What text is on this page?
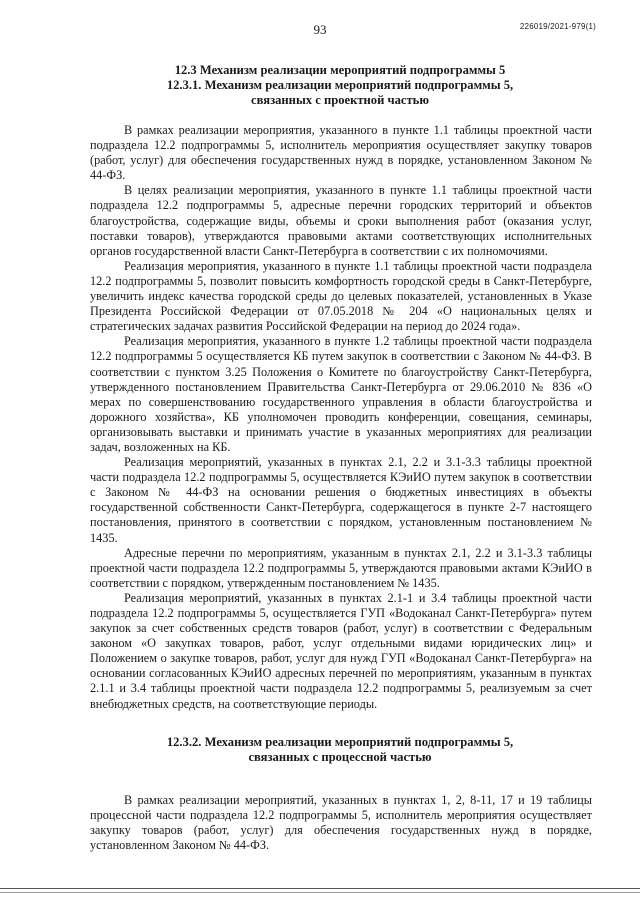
93	226019/2021-979(1)
12.3 Механизм реализации мероприятий подпрограммы 5
12.3.1. Механизм реализации мероприятий подпрограммы 5,
связанных с проектной частью

В рамках реализации мероприятия, указанного в пункте 1.1 таблицы проектной части подраздела 12.2 подпрограммы 5, исполнитель мероприятия осуществляет закупку товаров (работ, услуг) для обеспечения государственных нужд в порядке, установленном Законом № 44-ФЗ.

В целях реализации мероприятия, указанного в пункте 1.1 таблицы проектной части подраздела 12.2 подпрограммы 5, адресные перечни городских территорий и объектов благоустройства, содержащие виды, объемы и сроки выполнения работ (оказания услуг, поставки товаров), утверждаются правовыми актами соответствующих исполнительных органов государственной власти Санкт-Петербурга в соответствии с их полномочиями.

Реализация мероприятия, указанного в пункте 1.1 таблицы проектной части подраздела 12.2 подпрограммы 5, позволит повысить комфортность городской среды в Санкт-Петербурге, увеличить индекс качества городской среды до целевых показателей, установленных в Указе Президента Российской Федерации от 07.05.2018 № 204 «О национальных целях и стратегических задачах развития Российской Федерации на период до 2024 года».

Реализация мероприятия, указанного в пункте 1.2 таблицы проектной части подраздела 12.2 подпрограммы 5 осуществляется КБ путем закупок в соответствии с Законом № 44-ФЗ. В соответствии с пунктом 3.25 Положения о Комитете по благоустройству Санкт-Петербурга, утвержденного постановлением Правительства Санкт-Петербурга от 29.06.2010 № 836 «О мерах по совершенствованию государственного управления в области благоустройства и дорожного хозяйства», КБ уполномочен проводить конференции, совещания, семинары, организовывать выставки и принимать участие в указанных мероприятиях для реализации задач, возложенных на КБ.

Реализация мероприятий, указанных в пунктах 2.1, 2.2 и 3.1-3.3 таблицы проектной части подраздела 12.2 подпрограммы 5, осуществляется КЭиИО путем закупок в соответствии с Законом № 44-ФЗ на основании решения о бюджетных инвестициях в объекты государственной собственности Санкт-Петербурга, содержащегося в пункте 2-7 настоящего постановления, принятого в соответствии с порядком, установленным постановлением № 1435.

Адресные перечни по мероприятиям, указанным в пунктах 2.1, 2.2 и 3.1-3.3 таблицы проектной части подраздела 12.2 подпрограммы 5, утверждаются правовыми актами КЭиИО в соответствии с порядком, утвержденным постановлением № 1435.

Реализация мероприятий, указанных в пунктах 2.1-1 и 3.4 таблицы проектной части подраздела 12.2 подпрограммы 5, осуществляется ГУП «Водоканал Санкт-Петербурга» путем закупок за счет собственных средств товаров (работ, услуг) в соответствии с Федеральным законом «О закупках товаров, работ, услуг отдельными видами юридических лиц» и Положением о закупке товаров, работ, услуг для нужд ГУП «Водоканал Санкт-Петербурга» на основании согласованных КЭиИО адресных перечней по мероприятиям, указанным в пунктах 2.1.1 и 3.4 таблицы проектной части подраздела 12.2 подпрограммы 5, реализуемым за счет внебюджетных средств, на соответствующие периоды.

12.3.2. Механизм реализации мероприятий подпрограммы 5,
связанных с процессной частью

В рамках реализации мероприятий, указанных в пунктах 1, 2, 8-11, 17 и 19 таблицы процессной части подраздела 12.2 подпрограммы 5, исполнитель мероприятия осуществляет закупку товаров (работ, услуг) для обеспечения государственных нужд в порядке, установленном Законом № 44-ФЗ.
